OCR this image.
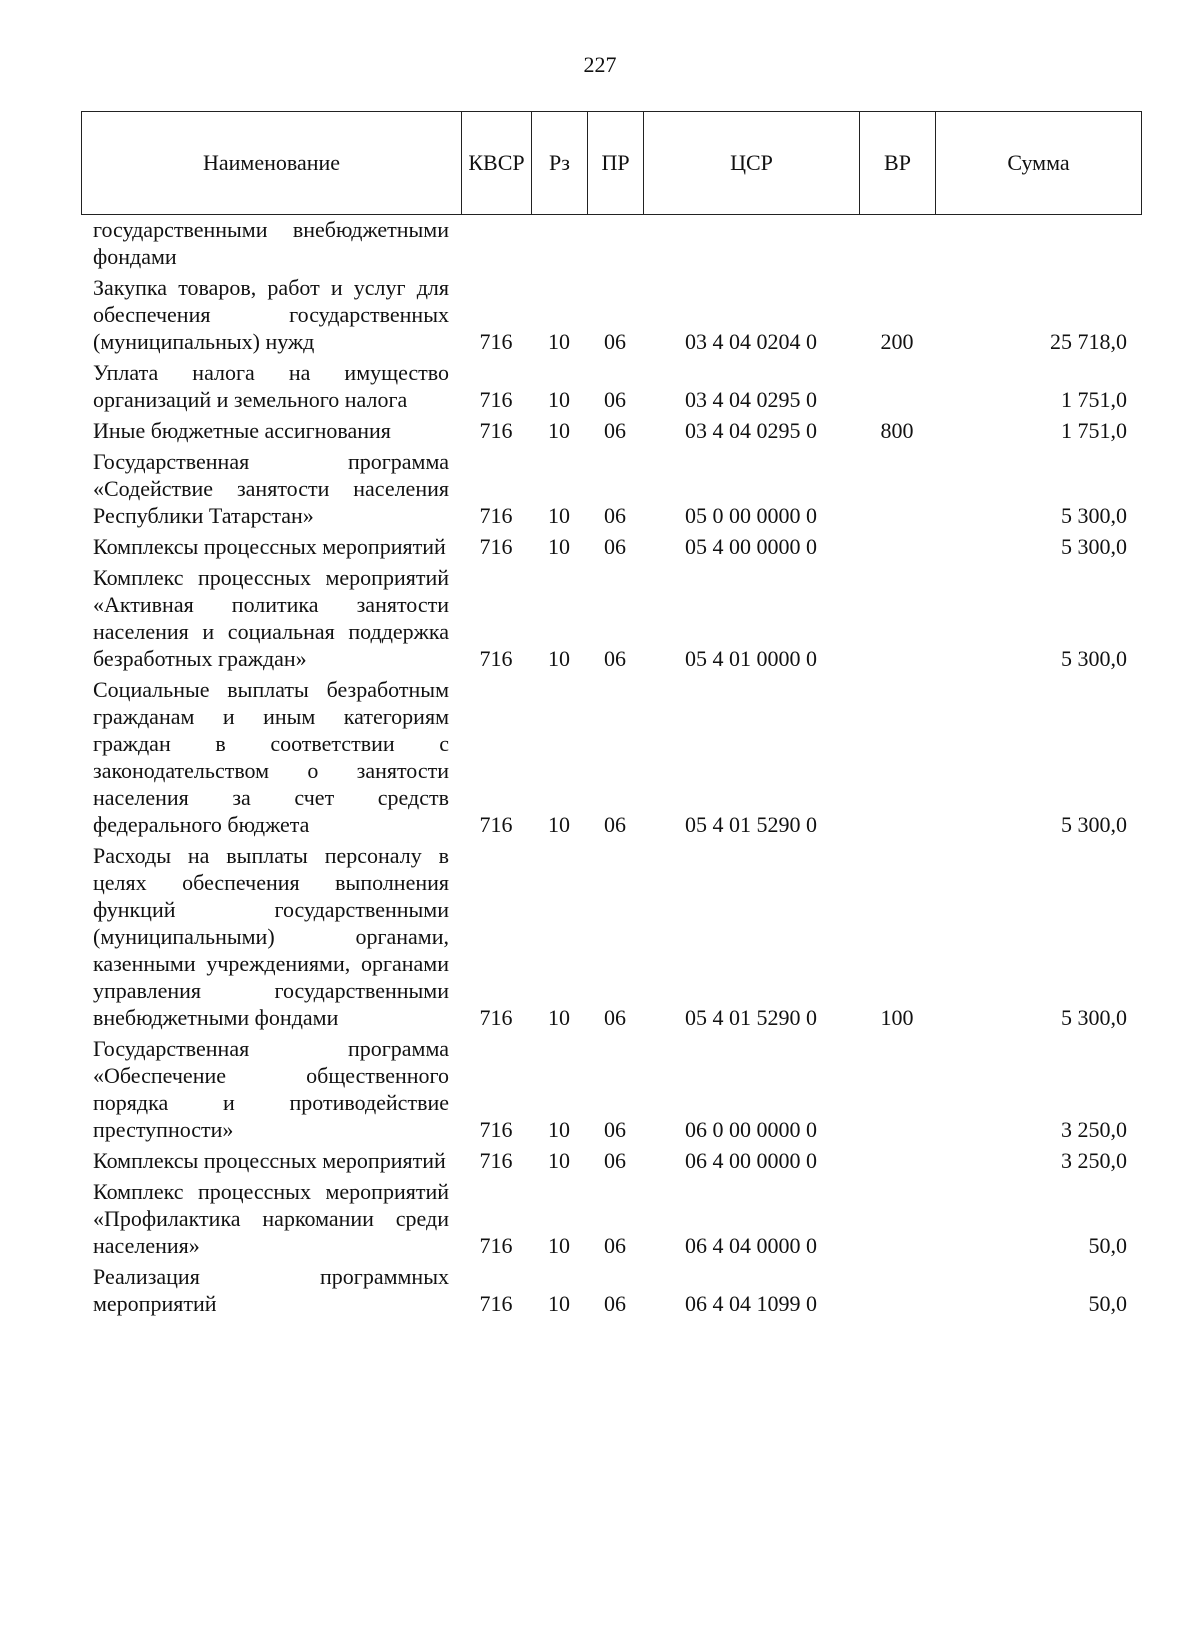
227
Наименование	КВСР	Рз	ПР	ЦСР	ВР	Сумма
государственными внебюджетными фондами						
Закупка товаров, работ и услуг для обеспечения государственных (муниципальных) нужд	716	10	06	03 4 04 0204 0	200	25 718,0
Уплата налога на имущество организаций и земельного налога	716	10	06	03 4 04 0295 0		1 751,0
Иные бюджетные ассигнования	716	10	06	03 4 04 0295 0	800	1 751,0
Государственная программа «Содействие занятости населения Республики Татарстан»	716	10	06	05 0 00 0000 0		5 300,0
Комплексы процессных мероприятий	716	10	06	05 4 00 0000 0		5 300,0
Комплекс процессных мероприятий «Активная политика занятости населения и социальная поддержка безработных граждан»	716	10	06	05 4 01 0000 0		5 300,0
Социальные выплаты безработным гражданам и иным категориям граждан в соответствии с законодательством о занятости населения за счет средств федерального бюджета	716	10	06	05 4 01 5290 0		5 300,0
Расходы на выплаты персоналу в целях обеспечения выполнения функций государственными (муниципальными) органами, казенными учреждениями, органами управления государственными внебюджетными фондами	716	10	06	05 4 01 5290 0	100	5 300,0
Государственная программа «Обеспечение общественного порядка и противодействие преступности»	716	10	06	06 0 00 0000 0		3 250,0
Комплексы процессных мероприятий	716	10	06	06 4 00 0000 0		3 250,0
Комплекс процессных мероприятий «Профилактика наркомании среди населения»	716	10	06	06 4 04 0000 0		50,0
Реализация программных мероприятий	716	10	06	06 4 04 1099 0		50,0
